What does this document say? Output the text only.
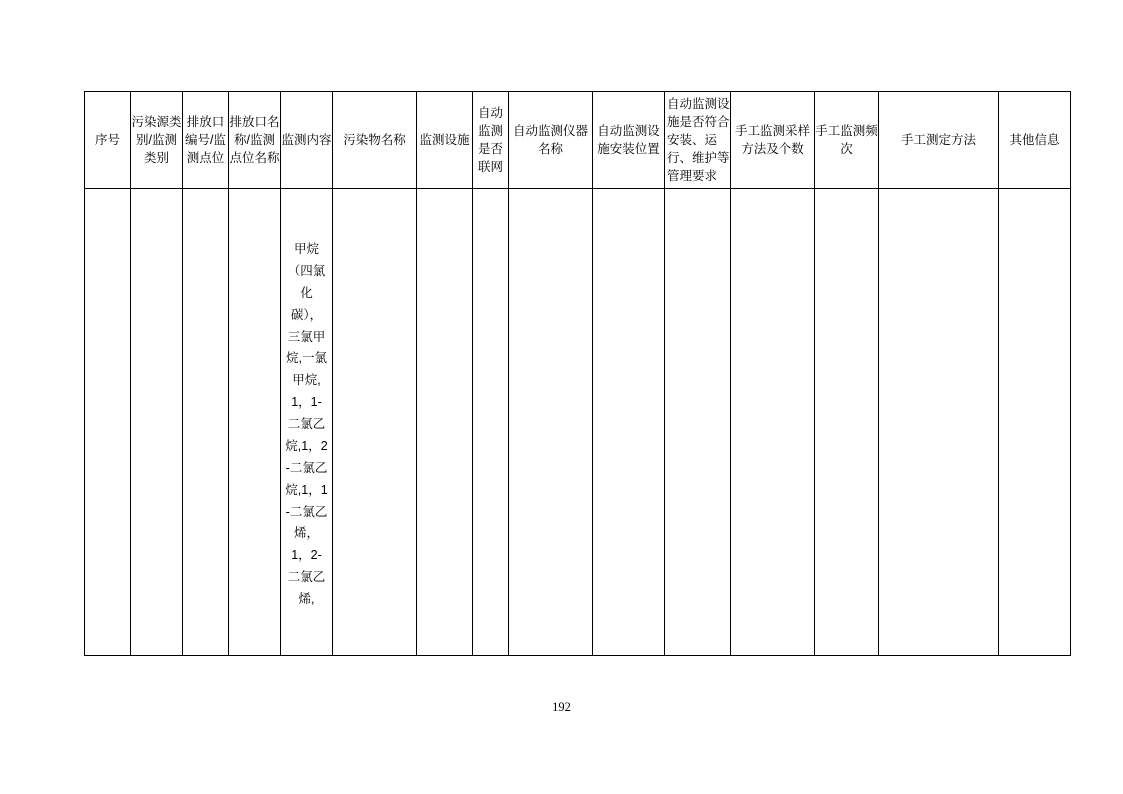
序号	污染源类别/监测类别	排放口编号/监测点位	排放口名称/监测点位名称	监测内容	污染物名称	监测设施	自动监测是否联网	自动监测仪器名称	自动监测设施安装位置	自动监测设施是否符合安装、运行、维护等管理要求	手工监测采样方法及个数	手工监测频次	手工测定方法	其他信息

				甲烷（四氯化碳），三氯甲烷,一氯甲烷,1，1-二氯乙烷,1，2-二氯乙烷,1，1-二氯乙烯，1，2-二氯乙烯,										

192
